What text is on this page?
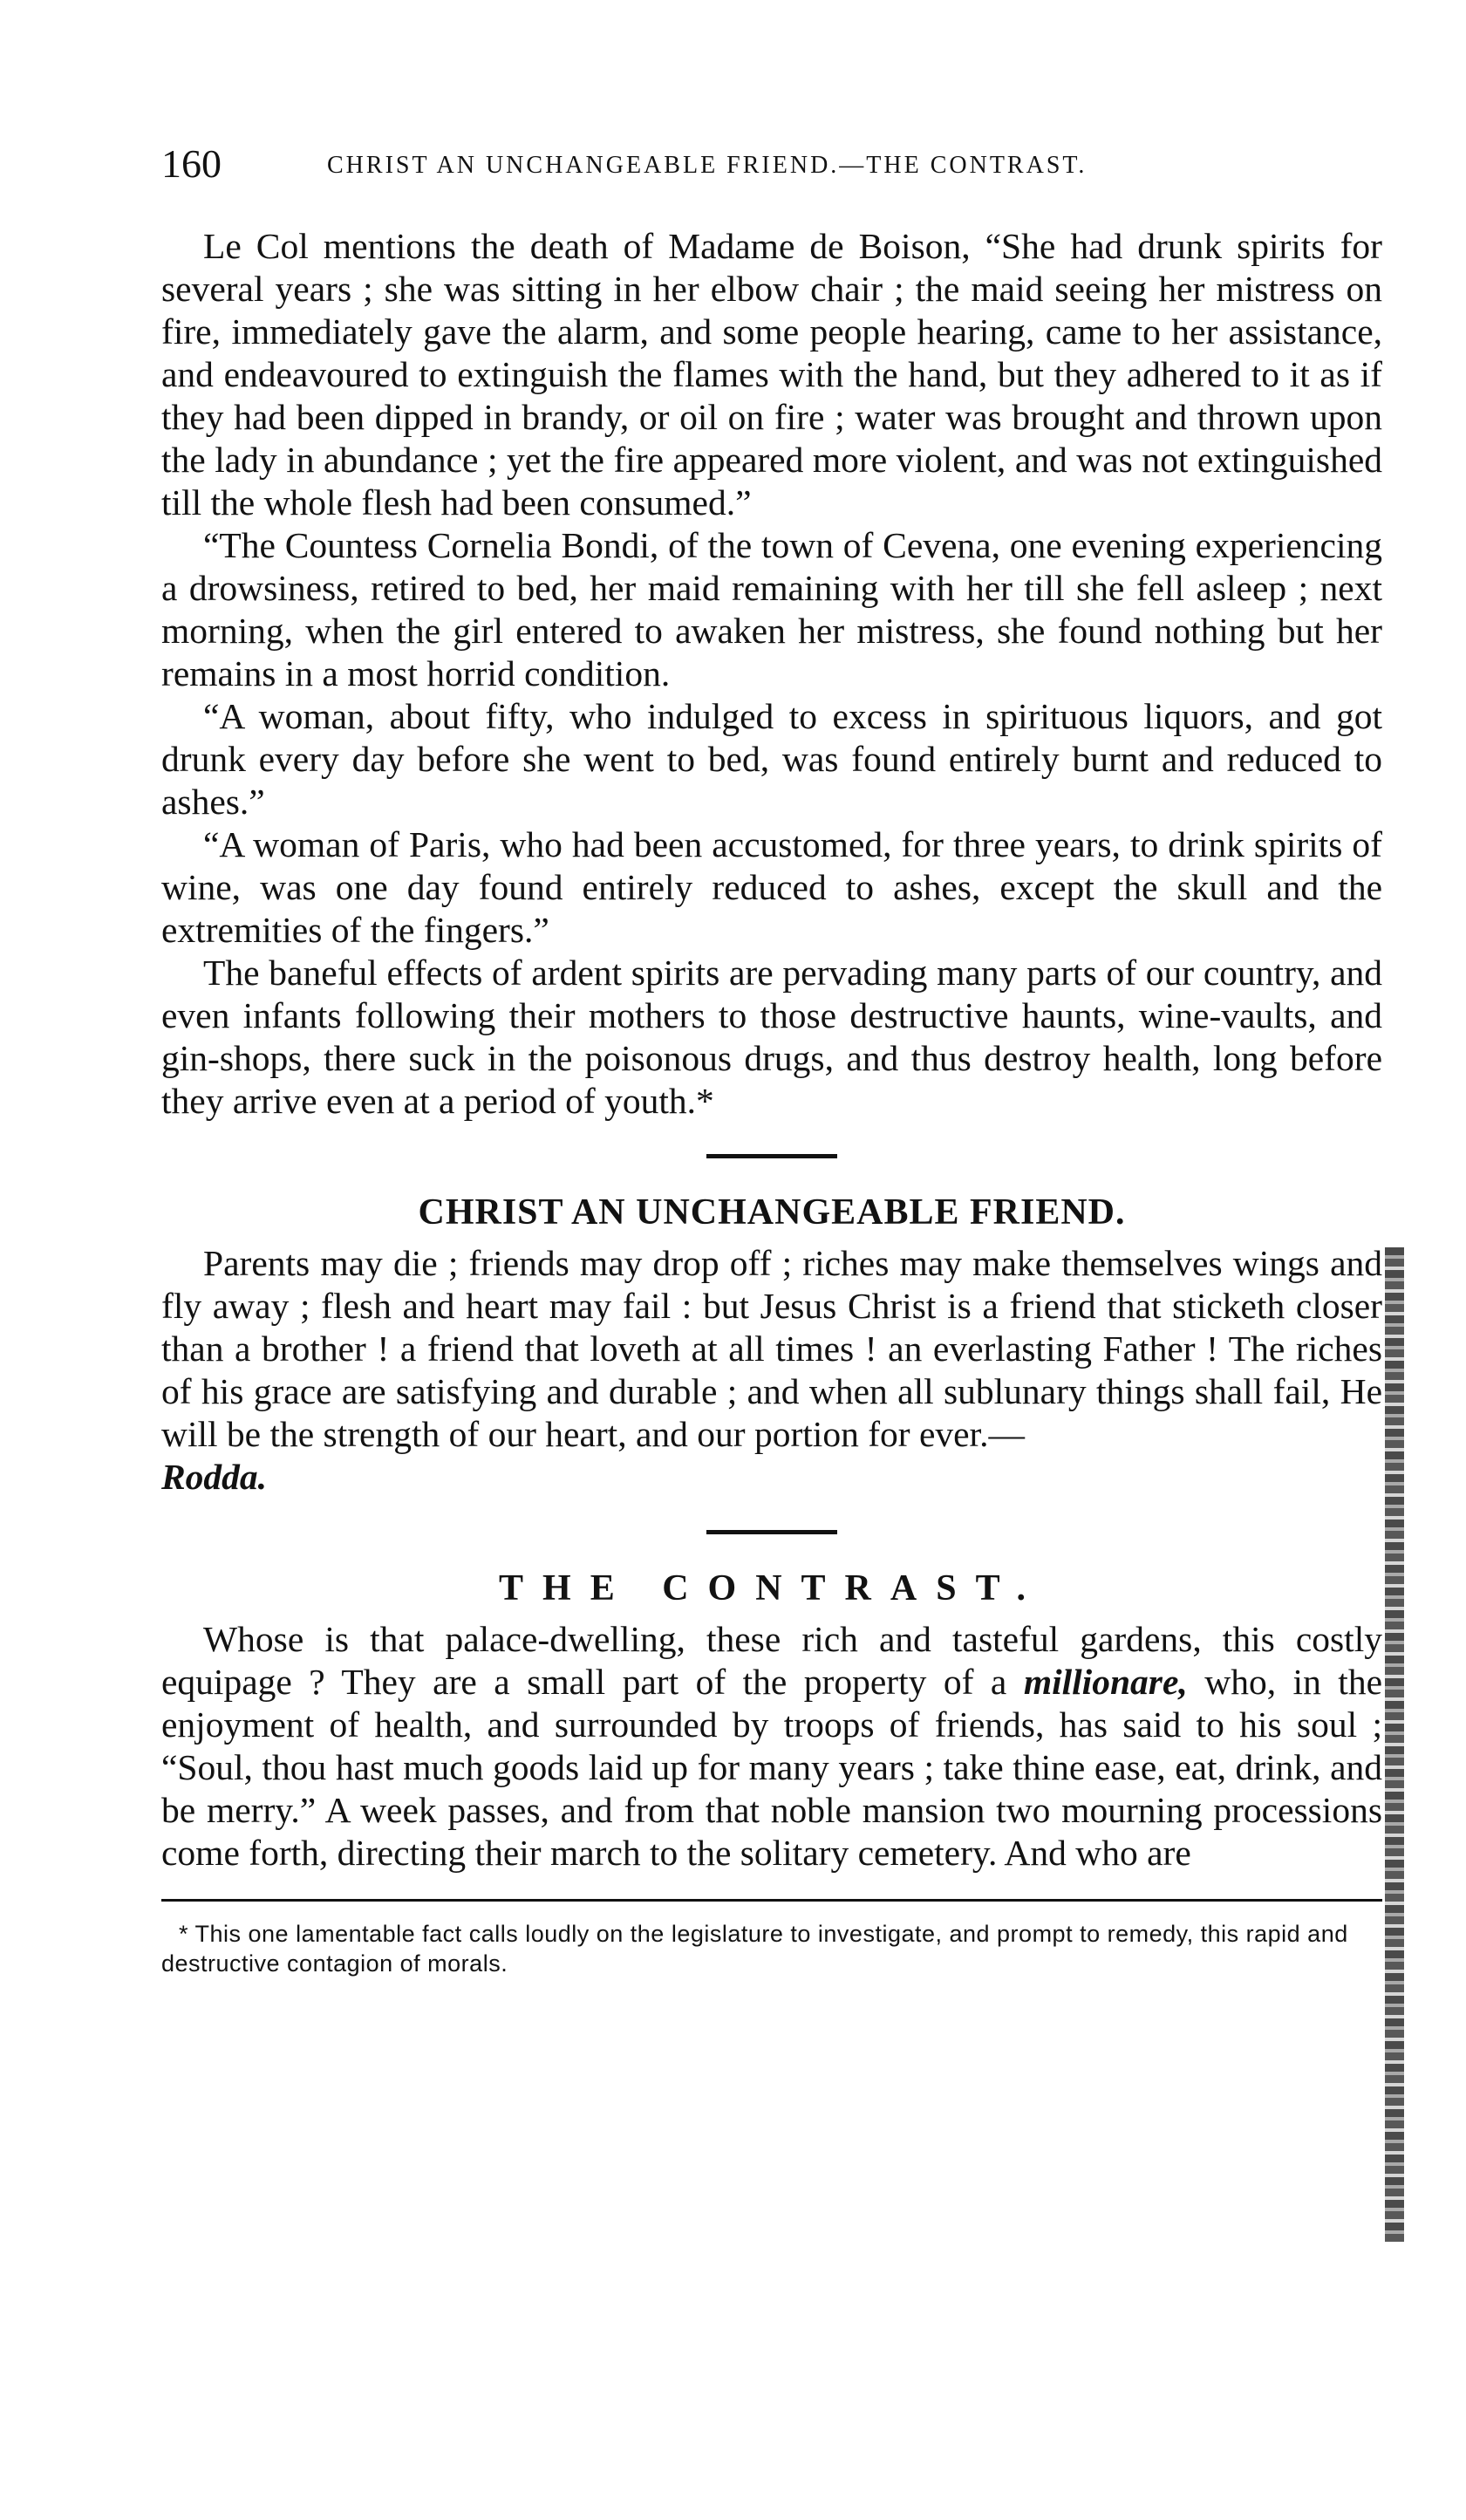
160	CHRIST AN UNCHANGEABLE FRIEND.—THE CONTRAST.

Le Col mentions the death of Madame de Boison, “She had drunk spirits for several years ; she was sitting in her elbow chair ; the maid seeing her mistress on fire, immediately gave the alarm, and some people hearing, came to her assistance, and endeavoured to extinguish the flames with the hand, but they adhered to it as if they had been dipped in brandy, or oil on fire ; water was brought and thrown upon the lady in abundance ; yet the fire appeared more violent, and was not extinguished till the whole flesh had been consumed.”

“The Countess Cornelia Bondi, of the town of Cevena, one evening experiencing a drowsiness, retired to bed, her maid remaining with her till she fell asleep ; next morning, when the girl entered to awaken her mistress, she found nothing but her remains in a most horrid condition.

“A woman, about fifty, who indulged to excess in spirituous liquors, and got drunk every day before she went to bed, was found entirely burnt and reduced to ashes.”

“A woman of Paris, who had been accustomed, for three years, to drink spirits of wine, was one day found entirely reduced to ashes, except the skull and the extremities of the fingers.”

The baneful effects of ardent spirits are pervading many parts of our country, and even infants following their mothers to those destructive haunts, wine-vaults, and gin-shops, there suck in the poisonous drugs, and thus destroy health, long before they arrive even at a period of youth.*

CHRIST AN UNCHANGEABLE FRIEND.

Parents may die ; friends may drop off ; riches may make themselves wings and fly away ; flesh and heart may fail : but Jesus Christ is a friend that sticketh closer than a brother ! a friend that loveth at all times ! an everlasting Father ! The riches of his grace are satisfying and durable ; and when all sublunary things shall fail, He will be the strength of our heart, and our portion for ever.—
Rodda.

THE CONTRAST.

Whose is that palace-dwelling, these rich and tasteful gardens, this costly equipage ? They are a small part of the property of a millionare, who, in the enjoyment of health, and surrounded by troops of friends, has said to his soul ; “Soul, thou hast much goods laid up for many years ; take thine ease, eat, drink, and be merry.” A week passes, and from that noble mansion two mourning processions come forth, directing their march to the solitary cemetery. And who are

* This one lamentable fact calls loudly on the legislature to investigate, and prompt to remedy, this rapid and destructive contagion of morals.
